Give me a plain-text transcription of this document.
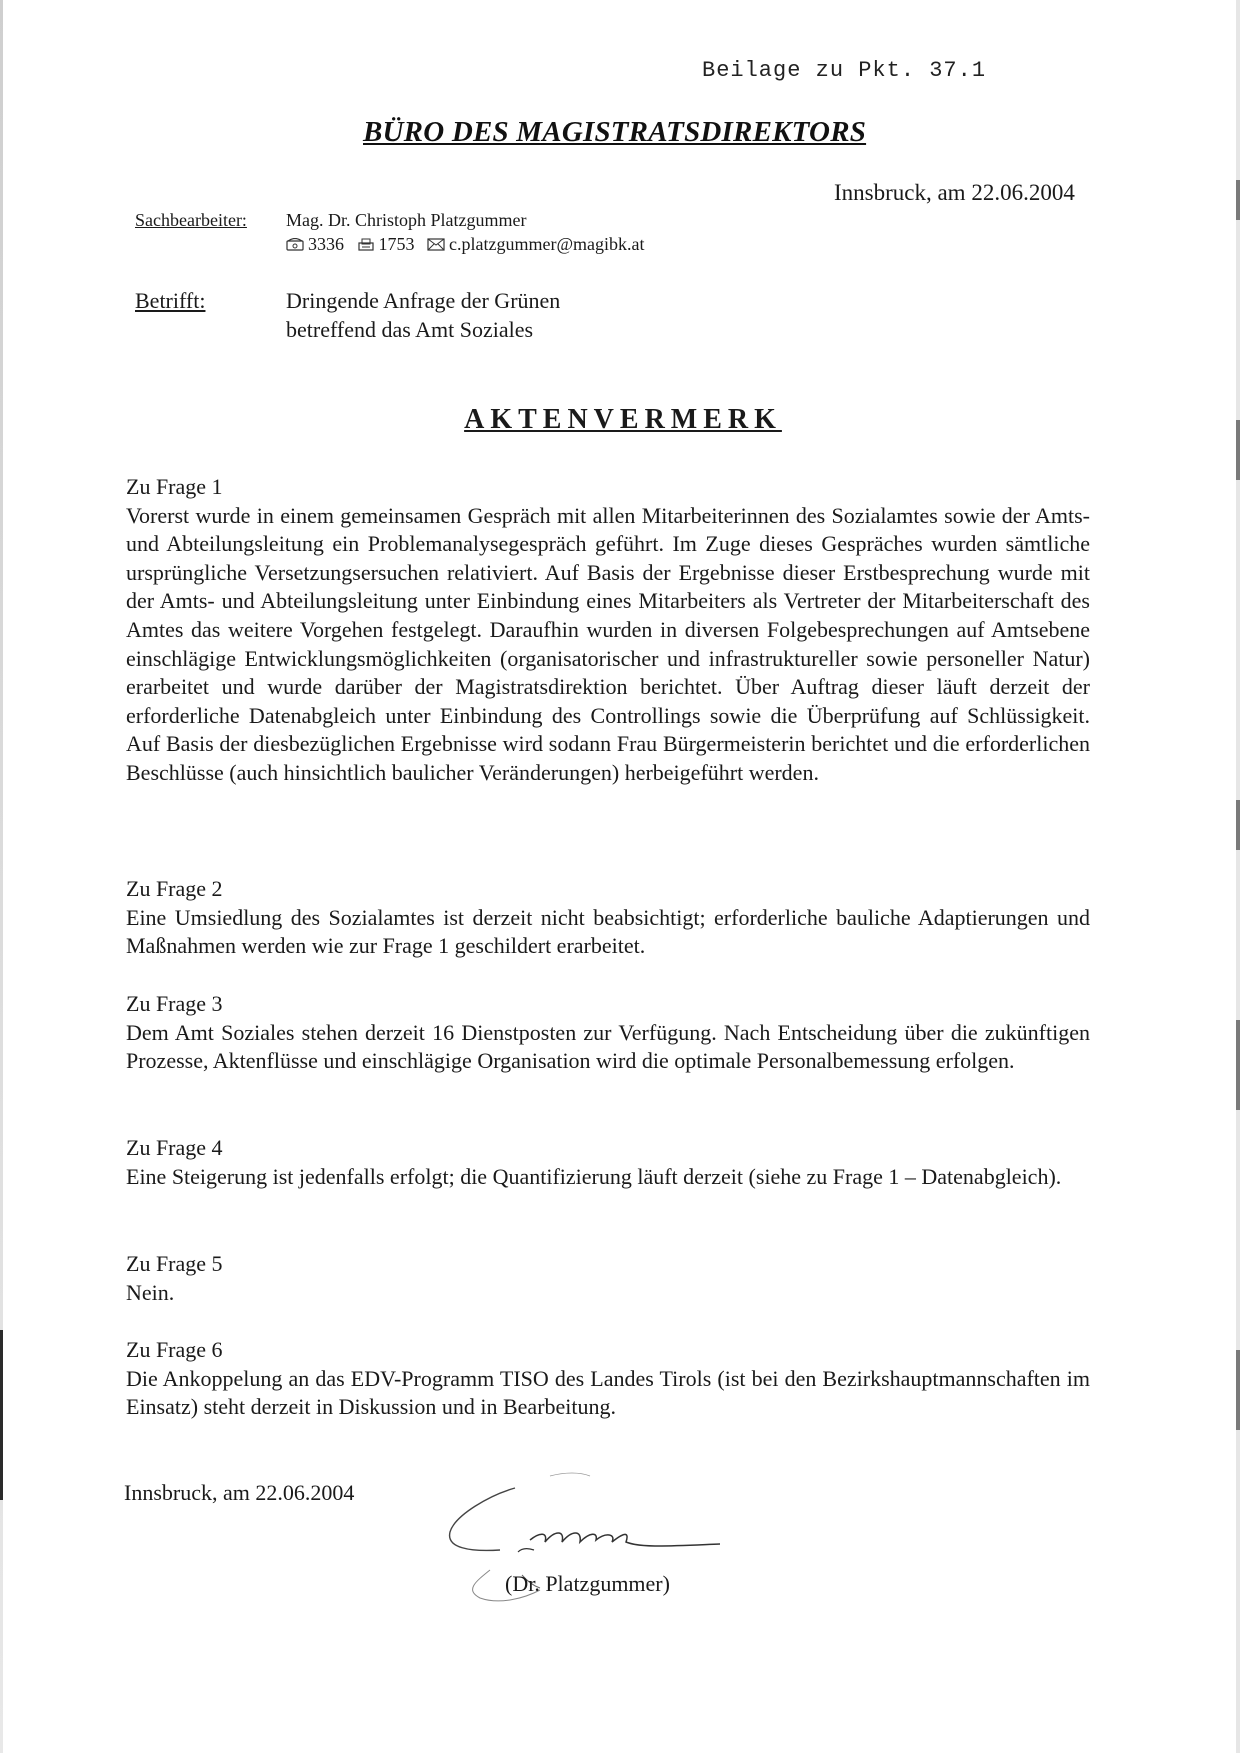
Beilage zu Pkt. 37.1
BÜRO DES MAGISTRATSDIREKTORS
Innsbruck, am 22.06.2004
Sachbearbeiter: Mag. Dr. Christoph Platzgummer
3336 1753 c.platzgummer@magibk.at
Betrifft:	Dringende Anfrage der Grünen
betreffend das Amt Soziales
AKTENVERMERK
Zu Frage 1
Vorerst wurde in einem gemeinsamen Gespräch mit allen Mitarbeiterinnen des Sozialamtes sowie der Amts- und Abteilungsleitung ein Problemanalysegespräch geführt. Im Zuge dieses Gespräches wurden sämtliche ursprüngliche Versetzungsersuchen relativiert. Auf Basis der Ergebnisse dieser Erstbesprechung wurde mit der Amts- und Abteilungsleitung unter Einbindung eines Mitarbeiters als Vertreter der Mitarbeiterschaft des Amtes das weitere Vorgehen festgelegt. Daraufhin wurden in diversen Folgebesprechungen auf Amtsebene einschlägige Entwicklungsmöglichkeiten (organisatorischer und infrastruktureller sowie personeller Natur) erarbeitet und wurde darüber der Magistratsdirektion berichtet. Über Auftrag dieser läuft derzeit der erforderliche Datenabgleich unter Einbindung des Controllings sowie die Überprüfung auf Schlüssigkeit. Auf Basis der diesbezüglichen Ergebnisse wird sodann Frau Bürgermeisterin berichtet und die erforderlichen Beschlüsse (auch hinsichtlich baulicher Veränderungen) herbeigeführt werden.
Zu Frage 2
Eine Umsiedlung des Sozialamtes ist derzeit nicht beabsichtigt; erforderliche bauliche Adaptierungen und Maßnahmen werden wie zur Frage 1 geschildert erarbeitet.
Zu Frage 3
Dem Amt Soziales stehen derzeit 16 Dienstposten zur Verfügung. Nach Entscheidung über die zukünftigen Prozesse, Aktenflüsse und einschlägige Organisation wird die optimale Personalbemessung erfolgen.
Zu Frage 4
Eine Steigerung ist jedenfalls erfolgt; die Quantifizierung läuft derzeit (siehe zu Frage 1 – Datenabgleich).
Zu Frage 5
Nein.
Zu Frage 6
Die Ankoppelung an das EDV-Programm TISO des Landes Tirols (ist bei den Bezirkshauptmannschaften im Einsatz) steht derzeit in Diskussion und in Bearbeitung.
Innsbruck, am 22.06.2004
(Dr. Platzgummer)
